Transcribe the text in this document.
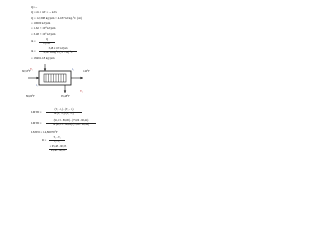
Q=...
Q = m c ΔT = ... kJ/s
Q = 12,398 kg/jam × 4.187 kJ/kg.°C (Δt)
= 10000 kJ/jam
= 1.62 × 10⁴ kJ/jam
= 3.48 × 10⁶ kJ/jam
m =	Q
Cp ΔT
m =
3,48 x 10⁶ kJ/jam
4,187 kJ/kg°C (75 - 30) °C
= 18491.18 kg/jam
T₁
T₂
t₁
t₂
86,00°F	95,48°F
140°F
60,53°F
LMTD =
(T₁ - t₂) - (T₂ - t₁)
ln (T₁ - t₂)/(T₂ - t₁)
LMTD =
(91,13 - 86,00) - (75,06 - 60,44)
ln (91,13 - 86,00)/(75,06 - 60,44)
LMTD = 14,86976°F
R =
T₁ - T₂
t₂ - t₁
= 95,48 - 60,53
95,48 - 60,53
